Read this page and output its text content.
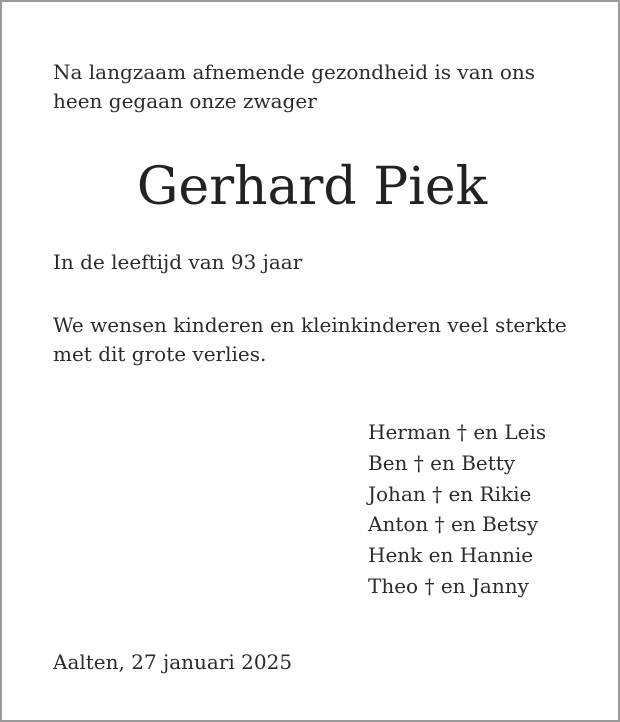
Na langzaam afnemende gezondheid is van ons
heen gegaan onze zwager

Gerhard Piek

In de leeftijd van 93 jaar

We wensen kinderen en kleinkinderen veel sterkte
met dit grote verlies.

Herman † en Leis
Ben † en Betty
Johan † en Rikie
Anton † en Betsy
Henk en Hannie
Theo † en Janny

Aalten, 27 januari 2025
